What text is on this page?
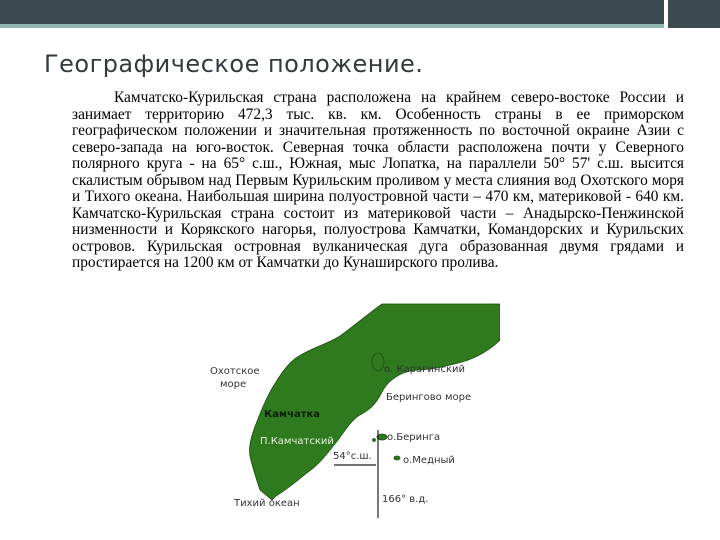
Географическое положение.

Камчатско-Курильская страна расположена на крайнем северо-востоке России и занимает территорию 472,3 тыс. кв. км. Особенность страны в ее приморском географическом положении и значительная протяженность по восточной окраине Азии с северо-запада на юго-восток. Северная точка области расположена почти у Северного полярного круга - на 65° с.ш., Южная, мыс Лопатка, на параллели 50° 57' с.ш. высится скалистым обрывом над Первым Курильским проливом у места слияния вод Охотского моря и Тихого океана. Наибольшая ширина полуостровной части – 470 км, материковой - 640 км. Камчатско-Курильская страна состоит из материковой части – Анадырско-Пенжинской низменности и Корякского нагорья, полуострова Камчатки, Командорских и Курильских островов. Курильская островная вулканическая дуга образованная двумя грядами и простирается на 1200 км от Камчатки до Кунаширского пролива.

Охотское
море
о. Карагинский
Берингово море
Камчатка
П.Камчатский	о.Беринга
о.Медный
54°с.ш.
166° в.д.
Тихий океан
